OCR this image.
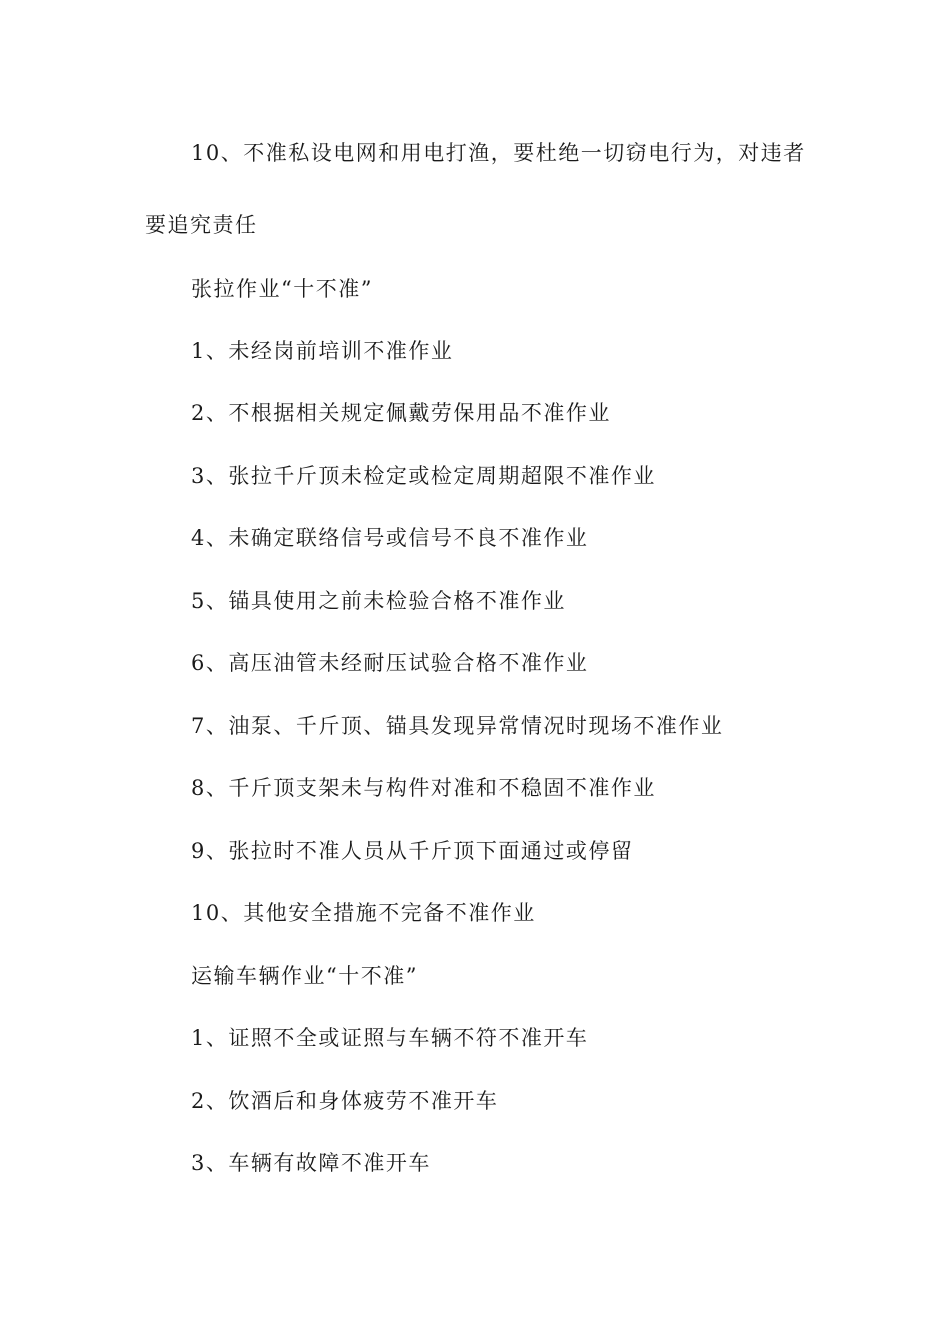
10、不准私设电网和用电打渔，要杜绝一切窃电行为，对违者
要追究责任
张拉作业“十不准”
1、未经岗前培训不准作业
2、不根据相关规定佩戴劳保用品不准作业
3、张拉千斤顶未检定或检定周期超限不准作业
4、未确定联络信号或信号不良不准作业
5、锚具使用之前未检验合格不准作业
6、高压油管未经耐压试验合格不准作业
7、油泵、千斤顶、锚具发现异常情况时现场不准作业
8、千斤顶支架未与构件对准和不稳固不准作业
9、张拉时不准人员从千斤顶下面通过或停留
10、其他安全措施不完备不准作业
运输车辆作业“十不准”
1、证照不全或证照与车辆不符不准开车
2、饮酒后和身体疲劳不准开车
3、车辆有故障不准开车
